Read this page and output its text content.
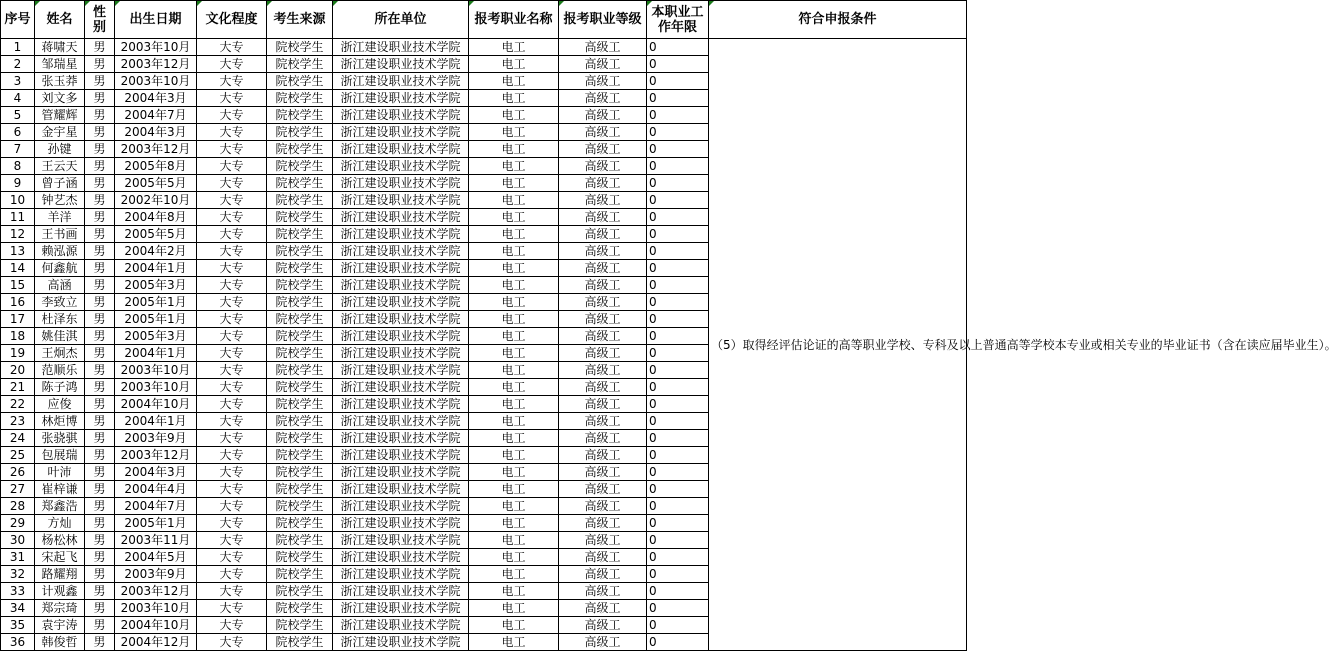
序号	姓名	性别	出生日期	文化程度	考生来源	所在单位	报考职业名称	报考职业等级	本职业工作年限	符合申报条件
1	蒋啸天	男	2003年10月	大专	院校学生	浙江建设职业技术学院	电工	高级工	0	（5）取得经评估论证的高等职业学校、专科及以上普通高等学校本专业或相关专业的毕业证书（含在读应届毕业生）。
2	邹瑞星	男	2003年12月	大专	院校学生	浙江建设职业技术学院	电工	高级工	0	
3	张玉莽	男	2003年10月	大专	院校学生	浙江建设职业技术学院	电工	高级工	0	
4	刘文多	男	2004年3月	大专	院校学生	浙江建设职业技术学院	电工	高级工	0	
5	管耀辉	男	2004年7月	大专	院校学生	浙江建设职业技术学院	电工	高级工	0	
6	金宇星	男	2004年3月	大专	院校学生	浙江建设职业技术学院	电工	高级工	0	
7	孙键	男	2003年12月	大专	院校学生	浙江建设职业技术学院	电工	高级工	0	
8	王云天	男	2005年8月	大专	院校学生	浙江建设职业技术学院	电工	高级工	0	
9	曾子涵	男	2005年5月	大专	院校学生	浙江建设职业技术学院	电工	高级工	0	
10	钟艺杰	男	2002年10月	大专	院校学生	浙江建设职业技术学院	电工	高级工	0	
11	羊洋	男	2004年8月	大专	院校学生	浙江建设职业技术学院	电工	高级工	0	
12	王书画	男	2005年5月	大专	院校学生	浙江建设职业技术学院	电工	高级工	0	
13	赖泓源	男	2004年2月	大专	院校学生	浙江建设职业技术学院	电工	高级工	0	
14	何鑫航	男	2004年1月	大专	院校学生	浙江建设职业技术学院	电工	高级工	0	
15	高涵	男	2005年3月	大专	院校学生	浙江建设职业技术学院	电工	高级工	0	
16	李致立	男	2005年1月	大专	院校学生	浙江建设职业技术学院	电工	高级工	0	
17	杜泽东	男	2005年1月	大专	院校学生	浙江建设职业技术学院	电工	高级工	0	
18	姚佳淇	男	2005年3月	大专	院校学生	浙江建设职业技术学院	电工	高级工	0	
19	王炯杰	男	2004年1月	大专	院校学生	浙江建设职业技术学院	电工	高级工	0	
20	范顺乐	男	2003年10月	大专	院校学生	浙江建设职业技术学院	电工	高级工	0	
21	陈子鸿	男	2003年10月	大专	院校学生	浙江建设职业技术学院	电工	高级工	0	
22	应俊	男	2004年10月	大专	院校学生	浙江建设职业技术学院	电工	高级工	0	
23	林炬博	男	2004年1月	大专	院校学生	浙江建设职业技术学院	电工	高级工	0	
24	张骁骐	男	2003年9月	大专	院校学生	浙江建设职业技术学院	电工	高级工	0	
25	包展瑞	男	2003年12月	大专	院校学生	浙江建设职业技术学院	电工	高级工	0	
26	叶沛	男	2004年3月	大专	院校学生	浙江建设职业技术学院	电工	高级工	0	
27	崔梓谦	男	2004年4月	大专	院校学生	浙江建设职业技术学院	电工	高级工	0	
28	郑鑫浩	男	2004年7月	大专	院校学生	浙江建设职业技术学院	电工	高级工	0	
29	方灿	男	2005年1月	大专	院校学生	浙江建设职业技术学院	电工	高级工	0	
30	杨松林	男	2003年11月	大专	院校学生	浙江建设职业技术学院	电工	高级工	0	
31	宋起飞	男	2004年5月	大专	院校学生	浙江建设职业技术学院	电工	高级工	0	
32	路耀翔	男	2003年9月	大专	院校学生	浙江建设职业技术学院	电工	高级工	0	
33	计观鑫	男	2003年12月	大专	院校学生	浙江建设职业技术学院	电工	高级工	0	
34	郑宗琦	男	2003年10月	大专	院校学生	浙江建设职业技术学院	电工	高级工	0	
35	袁宇涛	男	2004年10月	大专	院校学生	浙江建设职业技术学院	电工	高级工	0	
36	韩俊哲	男	2004年12月	大专	院校学生	浙江建设职业技术学院	电工	高级工	0	
